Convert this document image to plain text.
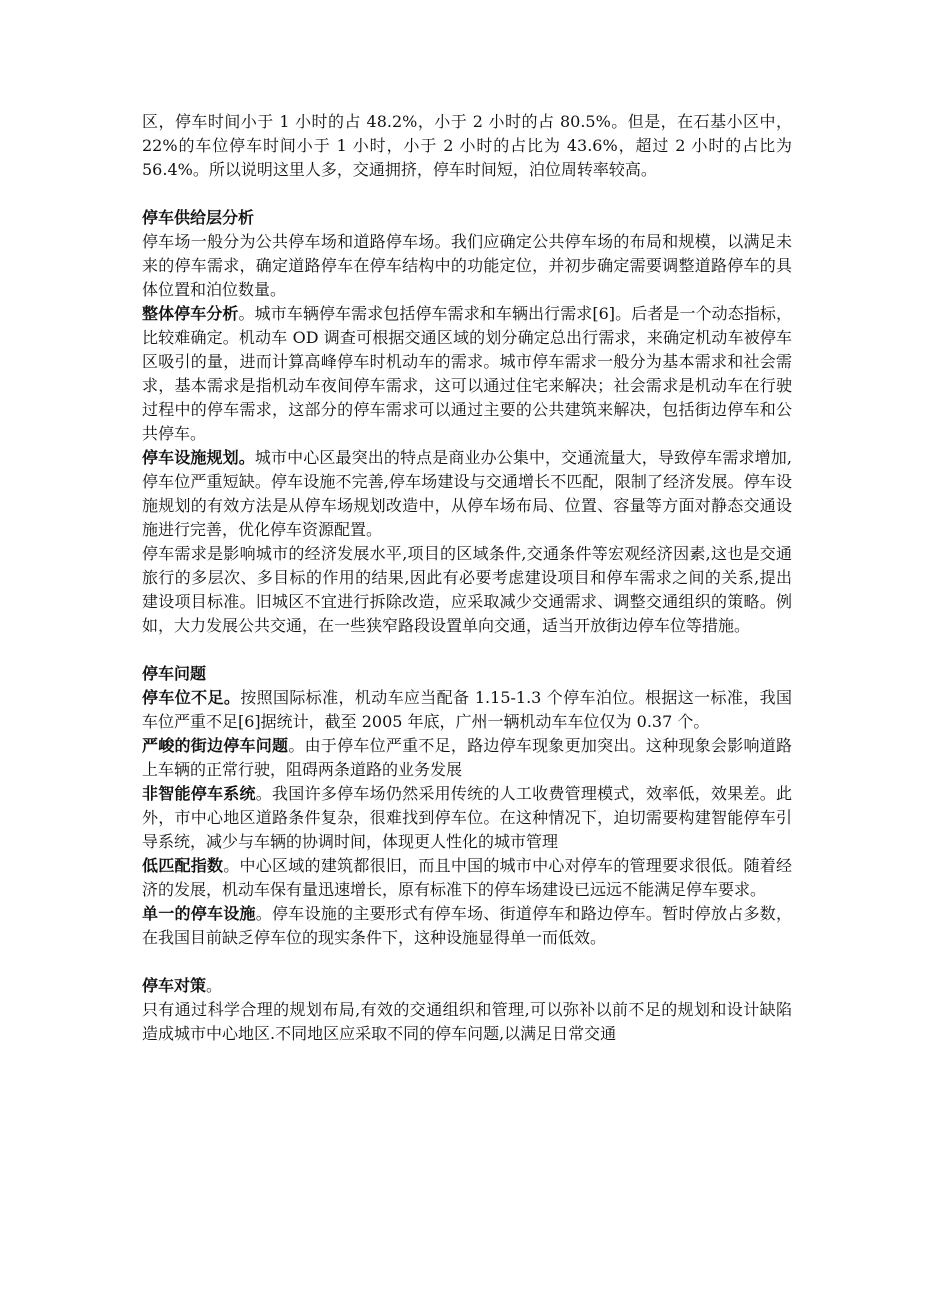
区，停车时间小于 1 小时的占 48.2%，小于 2 小时的占 80.5%。但是，在石基小区中，22%的车位停车时间小于 1 小时，小于 2 小时的占比为 43.6%，超过 2 小时的占比为 56.4%。所以说明这里人多，交通拥挤，停车时间短，泊位周转率较高。

停车供给层分析

停车场一般分为公共停车场和道路停车场。我们应确定公共停车场的布局和规模，以满足未来的停车需求，确定道路停车在停车结构中的功能定位，并初步确定需要调整道路停车的具体位置和泊位数量。

整体停车分析。城市车辆停车需求包括停车需求和车辆出行需求[6]。后者是一个动态指标，比较难确定。机动车 OD 调查可根据交通区域的划分确定总出行需求，来确定机动车被停车区吸引的量，进而计算高峰停车时机动车的需求。城市停车需求一般分为基本需求和社会需求，基本需求是指机动车夜间停车需求，这可以通过住宅来解决；社会需求是机动车在行驶过程中的停车需求，这部分的停车需求可以通过主要的公共建筑来解决，包括街边停车和公共停车。

停车设施规划。城市中心区最突出的特点是商业办公集中，交通流量大，导致停车需求增加,停车位严重短缺。停车设施不完善,停车场建设与交通增长不匹配，限制了经济发展。停车设施规划的有效方法是从停车场规划改造中，从停车场布局、位置、容量等方面对静态交通设施进行完善，优化停车资源配置。

停车需求是影响城市的经济发展水平,项目的区域条件,交通条件等宏观经济因素,这也是交通旅行的多层次、多目标的作用的结果,因此有必要考虑建设项目和停车需求之间的关系,提出建设项目标准。旧城区不宜进行拆除改造，应采取减少交通需求、调整交通组织的策略。例如，大力发展公共交通，在一些狭窄路段设置单向交通，适当开放街边停车位等措施。

停车问题

停车位不足。按照国际标准，机动车应当配备 1.15-1.3 个停车泊位。根据这一标准，我国车位严重不足[6]据统计，截至 2005 年底，广州一辆机动车车位仅为 0.37 个。

严峻的街边停车问题。由于停车位严重不足，路边停车现象更加突出。这种现象会影响道路上车辆的正常行驶，阻碍两条道路的业务发展

非智能停车系统。我国许多停车场仍然采用传统的人工收费管理模式，效率低，效果差。此外，市中心地区道路条件复杂，很难找到停车位。在这种情况下，迫切需要构建智能停车引导系统，减少与车辆的协调时间，体现更人性化的城市管理

低匹配指数。中心区域的建筑都很旧，而且中国的城市中心对停车的管理要求很低。随着经济的发展，机动车保有量迅速增长，原有标准下的停车场建设已远远不能满足停车要求。

单一的停车设施。停车设施的主要形式有停车场、街道停车和路边停车。暂时停放占多数，在我国目前缺乏停车位的现实条件下，这种设施显得单一而低效。

停车对策。

只有通过科学合理的规划布局,有效的交通组织和管理,可以弥补以前不足的规划和设计缺陷造成城市中心地区.不同地区应采取不同的停车问题,以满足日常交通
